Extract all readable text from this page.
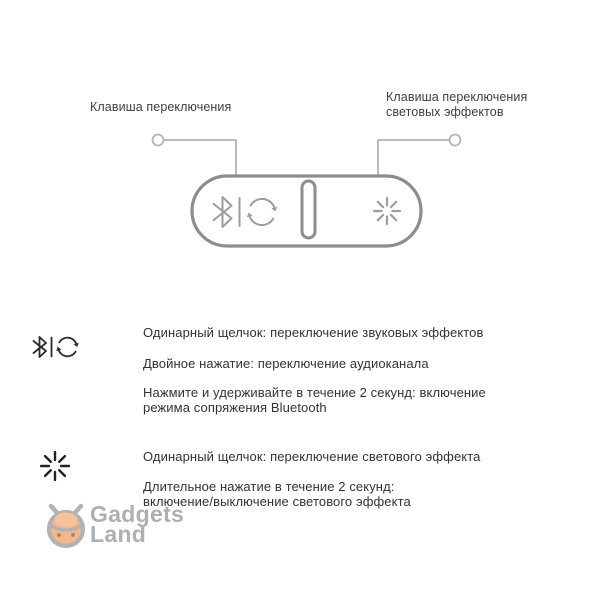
Клавиша переключения
Клавиша переключения
световых эффектов
Одинарный щелчок: переключение звуковых эффектов
Двойное нажатие: переключение аудиоканала
Нажмите и удерживайте в течение 2 секунд: включение
режима сопряжения Bluetooth
Одинарный щелчок: переключение светового эффекта
Длительное нажатие в течение 2 секунд:
включение/выключение светового эффекта
Gadgets
Land
